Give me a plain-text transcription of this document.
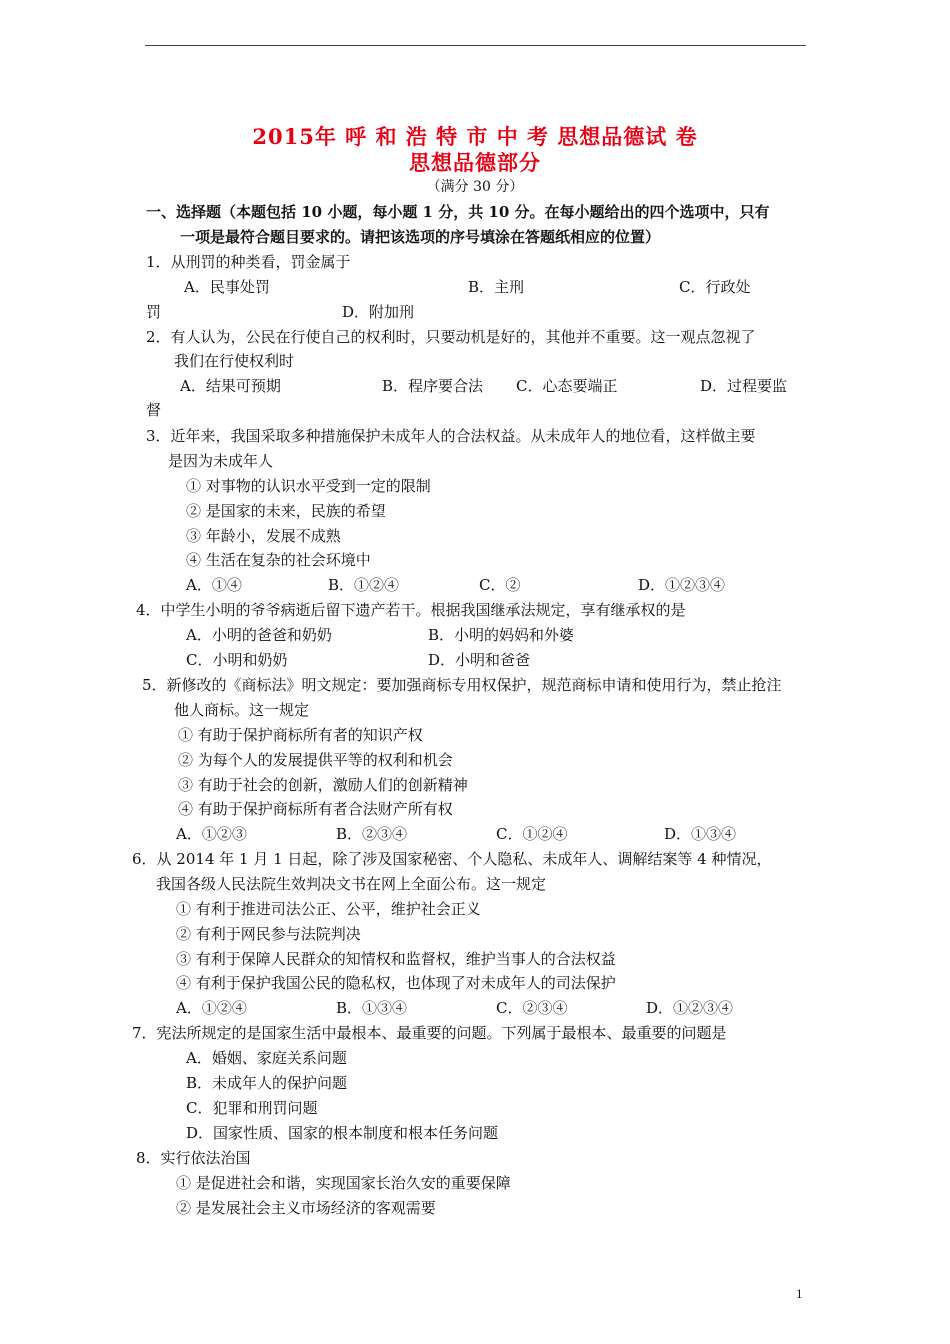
2015年 呼 和 浩 特 市 中 考 思想品德试 卷
思想品德部分
（满分 30 分）
一、选择题（本题包括 10 小题，每小题 1 分，共 10 分。在每小题给出的四个选项中，只有
一项是最符合题目要求的。请把该选项的序号填涂在答题纸相应的位置）
1．从刑罚的种类看，罚金属于
A．民事处罚	B．主刑	C．行政处
罚	D．附加刑
2．有人认为，公民在行使自己的权利时，只要动机是好的，其他并不重要。这一观点忽视了
我们在行使权利时
A．结果可预期	B．程序要合法 C．心态要端正	D．过程要监
督
3．近年来，我国采取多种措施保护未成年人的合法权益。从未成年人的地位看，这样做主要
是因为未成年人
① 对事物的认识水平受到一定的限制
② 是国家的未来，民族的希望
③ 年龄小，发展不成熟
④ 生活在复杂的社会环境中
A．①④	B．①②④	C．②	D．①②③④
4．中学生小明的爷爷病逝后留下遗产若干。根据我国继承法规定，享有继承权的是
A．小明的爸爸和奶奶	B．小明的妈妈和外婆
C．小明和奶奶	D．小明和爸爸
5．新修改的《商标法》明文规定：要加强商标专用权保护，规范商标申请和使用行为，禁止抢注
他人商标。这一规定
① 有助于保护商标所有者的知识产权
② 为每个人的发展提供平等的权利和机会
③ 有助于社会的创新，激励人们的创新精神
④ 有助于保护商标所有者合法财产所有权
A．①②③	B．②③④	C．①②④	D．①③④
6．从 2014 年 1 月 1 日起，除了涉及国家秘密、个人隐私、未成年人、调解结案等 4 种情况，
我国各级人民法院生效判决文书在网上全面公布。这一规定
① 有利于推进司法公正、公平，维护社会正义
② 有利于网民参与法院判决
③ 有利于保障人民群众的知情权和监督权，维护当事人的合法权益
④ 有利于保护我国公民的隐私权，也体现了对未成年人的司法保护
A．①②④	B．①③④	C．②③④	D．①②③④
7．宪法所规定的是国家生活中最根本、最重要的问题。下列属于最根本、最重要的问题是
A．婚姻、家庭关系问题
B．未成年人的保护问题
C．犯罪和刑罚问题
D．国家性质、国家的根本制度和根本任务问题
8．实行依法治国
① 是促进社会和谐，实现国家长治久安的重要保障
② 是发展社会主义市场经济的客观需要
1
